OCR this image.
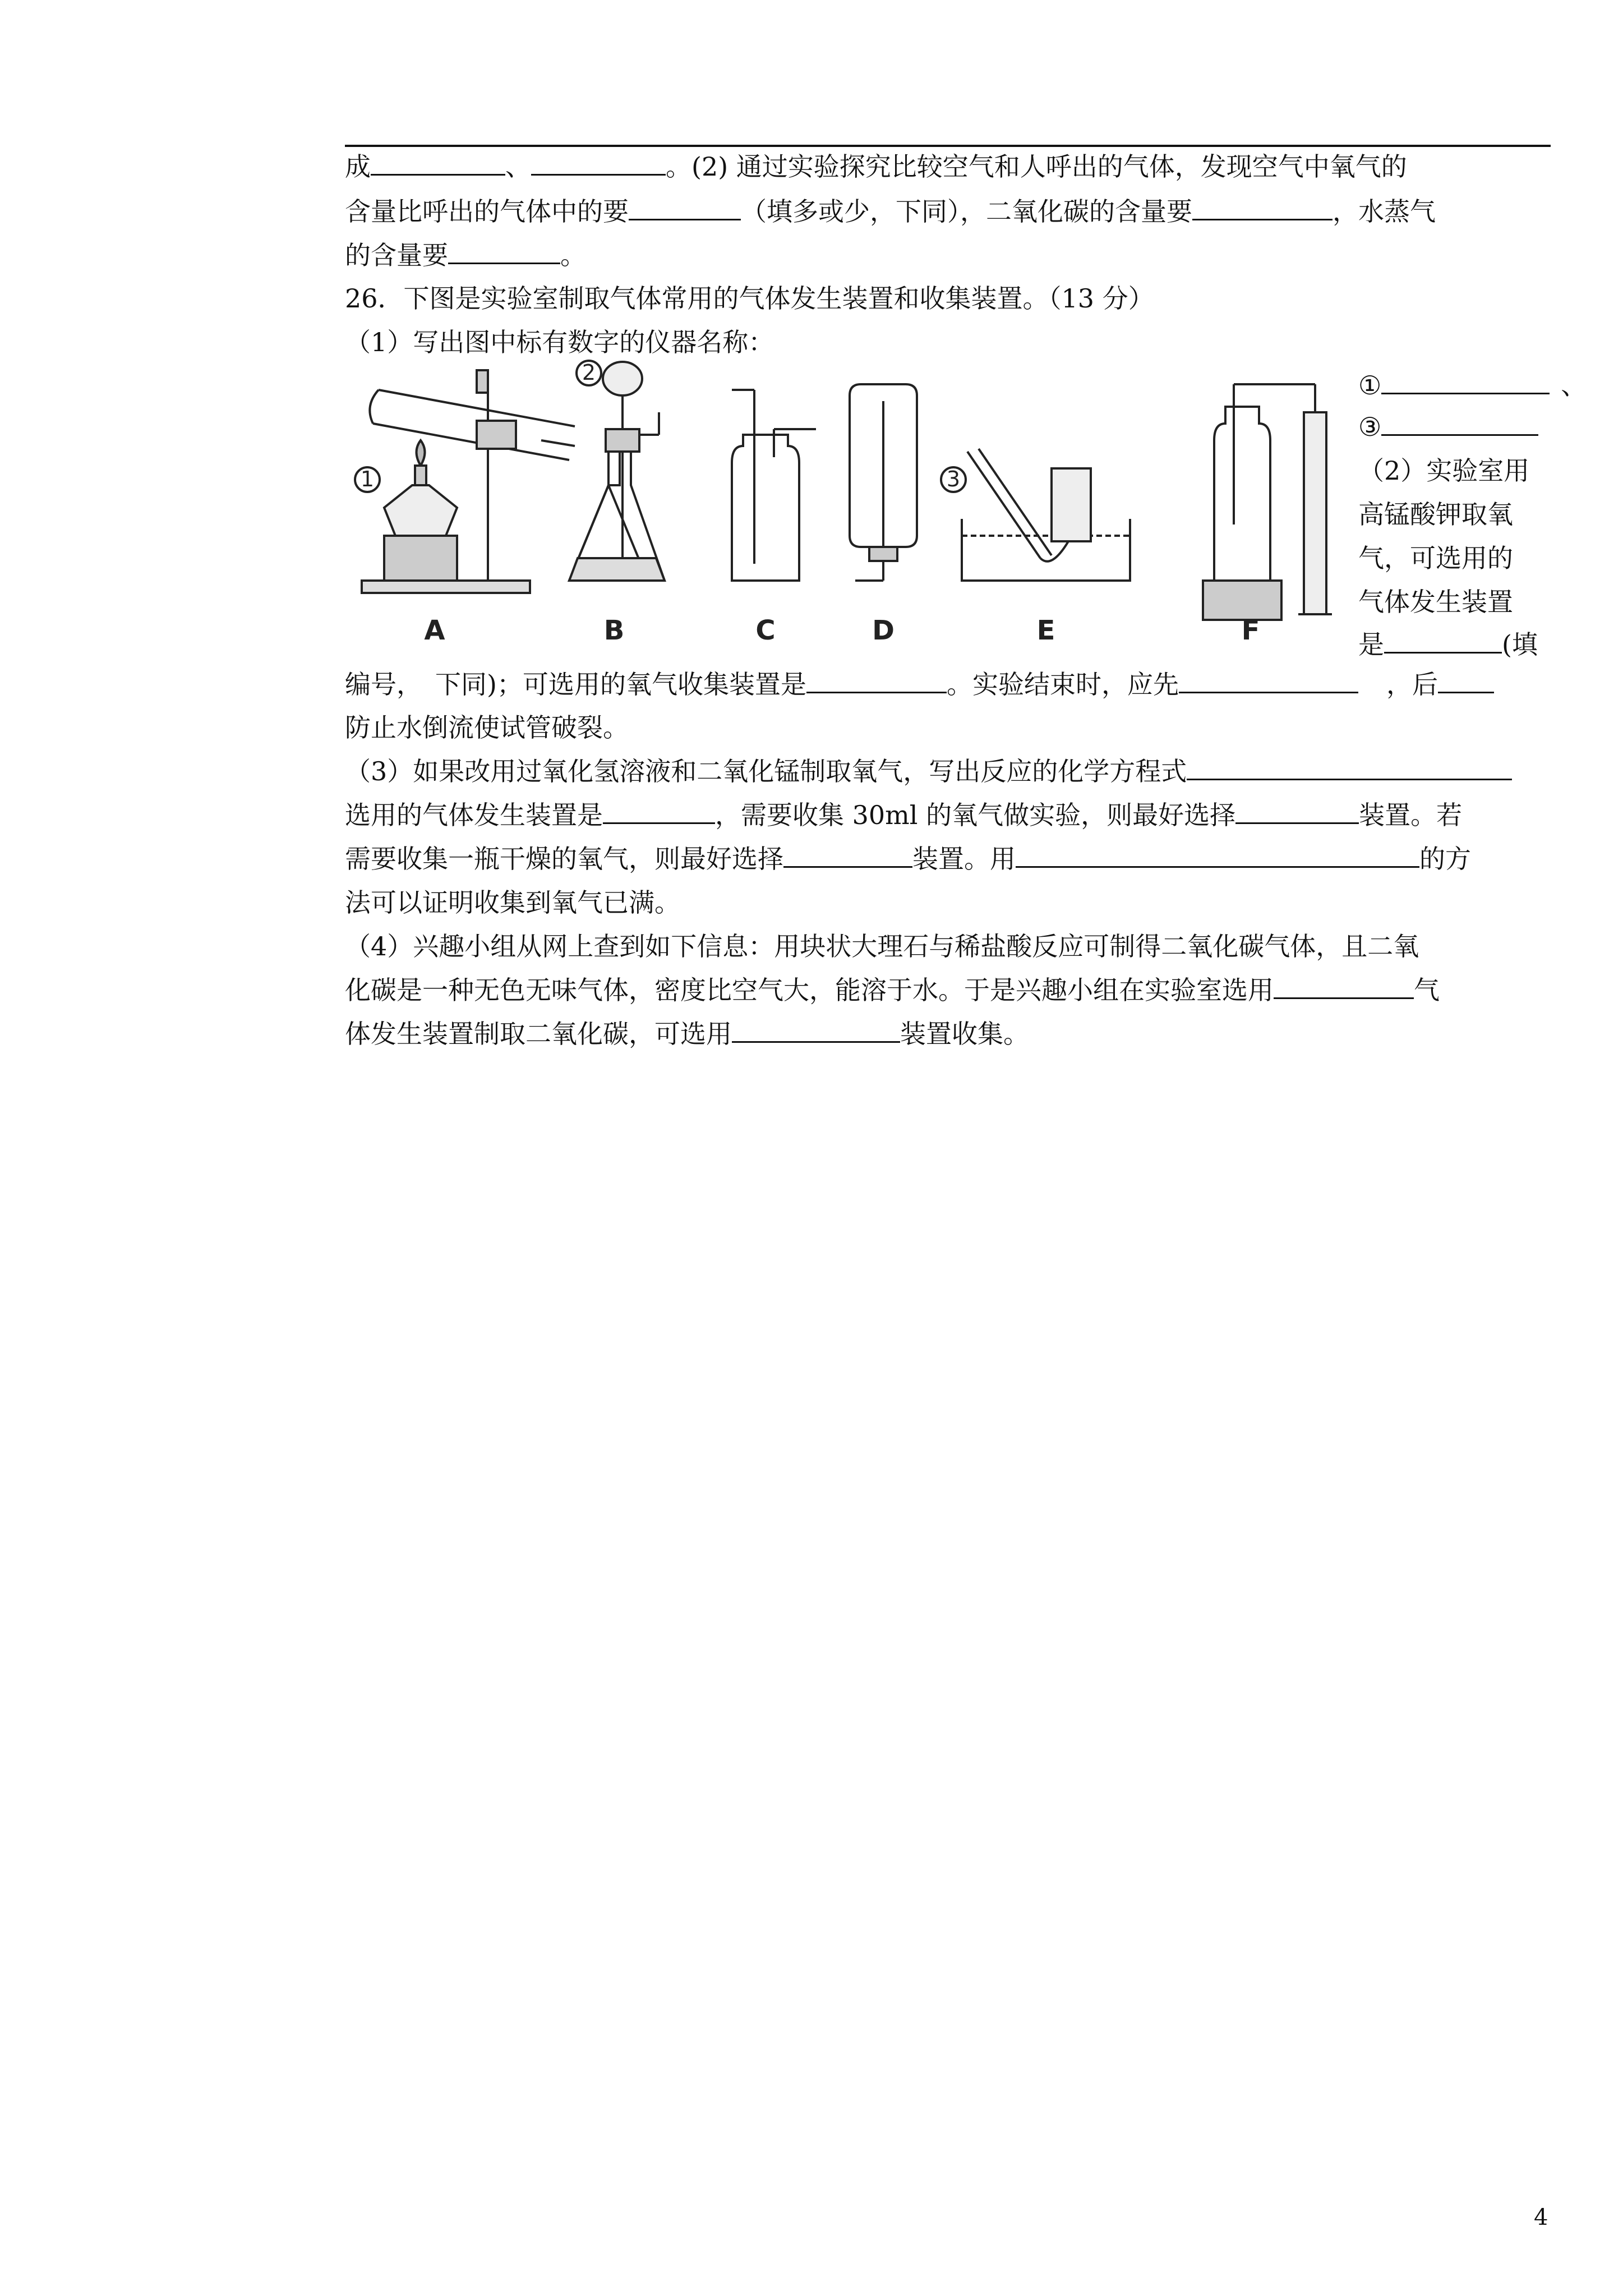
成	、	。(2) 通过实验探究比较空气和人呼出的气体，发现空气中氧气的
含量比呼出的气体中的要	（填多或少，下同），二氧化碳的含量要	，水蒸气
的含量要	。
26．下图是实验室制取气体常用的气体发生装置和收集装置。（13 分）
（1）写出图中标有数字的仪器名称：
①	、
③
（2）实验室用
高锰酸钾取氧
气，可选用的
气体发生装置
是	(填
1
2
3
A	B	C	D	E	F
编号，　下同)；可选用的氧气收集装置是	。实验结束时，应先	，后
防止水倒流使试管破裂。
（3）如果改用过氧化氢溶液和二氧化锰制取氧气，写出反应的化学方程式
选用的气体发生装置是	，需要收集 30ml 的氧气做实验，则最好选择	装置。若
需要收集一瓶干燥的氧气，则最好选择	装置。用	的方
法可以证明收集到氧气已满。
（4）兴趣小组从网上查到如下信息：用块状大理石与稀盐酸反应可制得二氧化碳气体，且二氧
化碳是一种无色无味气体，密度比空气大，能溶于水。于是兴趣小组在实验室选用	气
体发生装置制取二氧化碳，可选用	装置收集。
4
